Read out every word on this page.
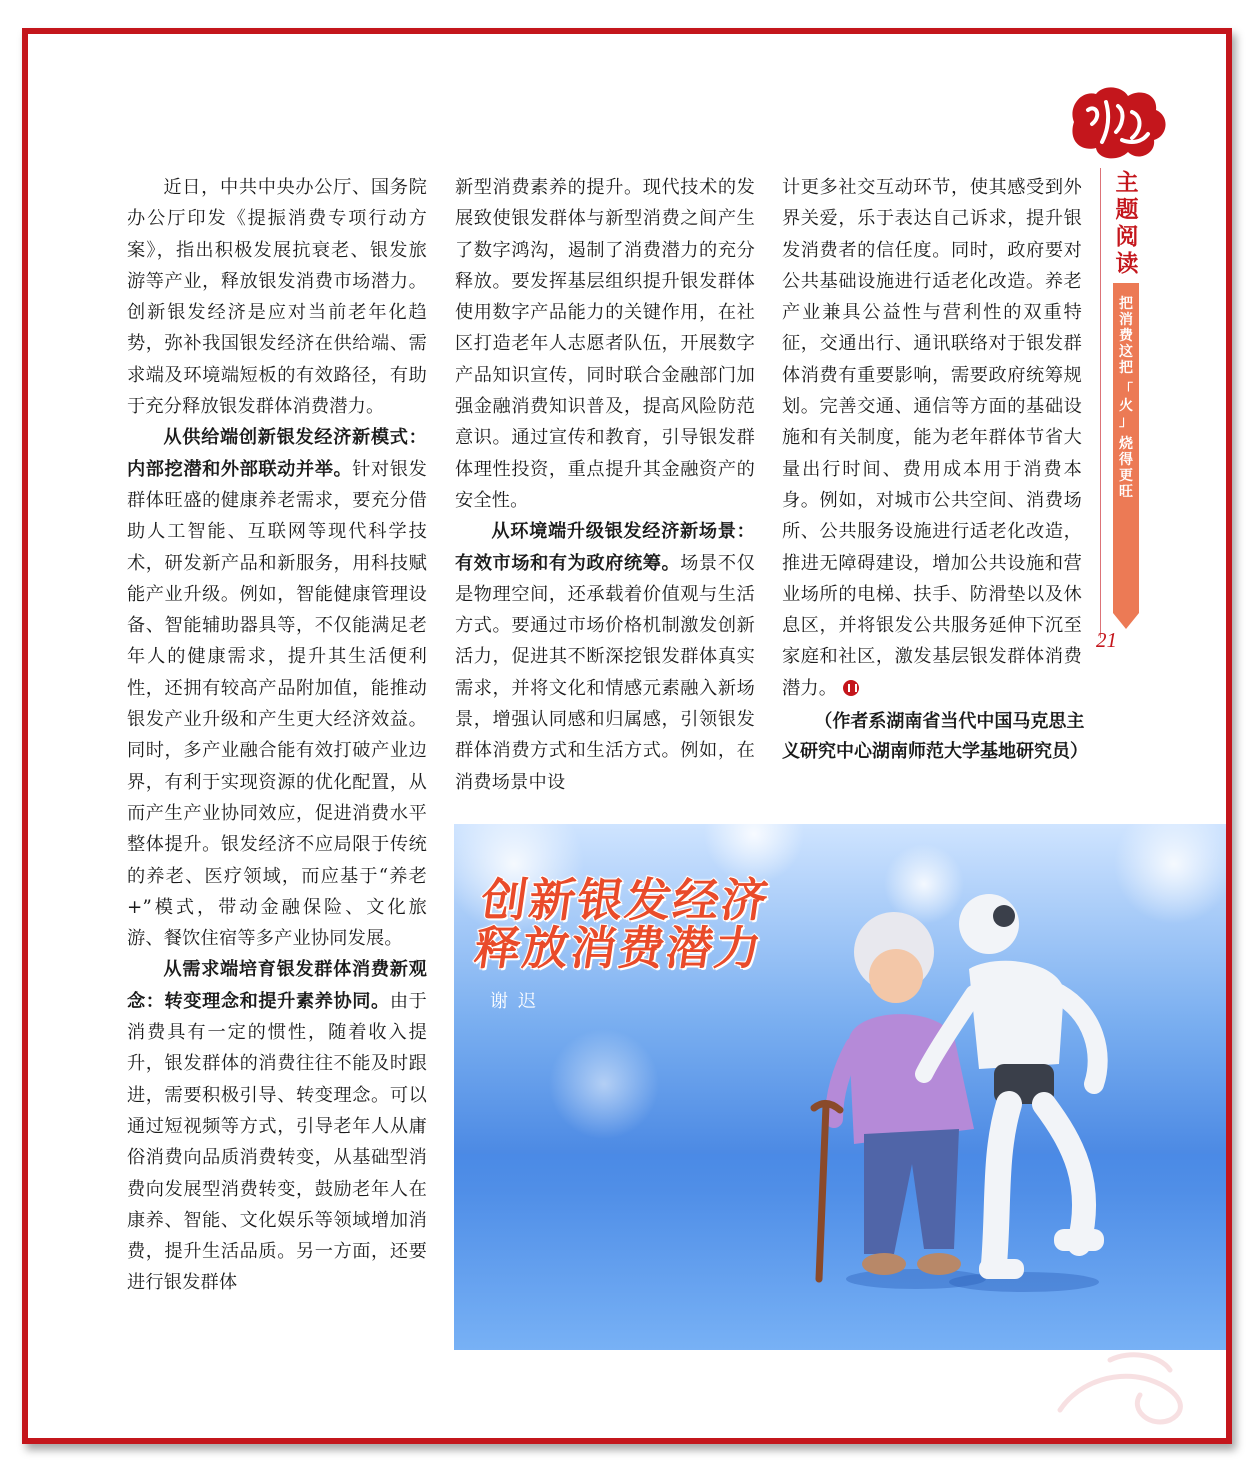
主题阅读
把
消
费
这
把
「
火
」
烧
得
更
旺
21

近日，中共中央办公厅、国务院办公厅印发《提振消费专项行动方案》，指出积极发展抗衰老、银发旅游等产业，释放银发消费市场潜力。创新银发经济是应对当前老年化趋势，弥补我国银发经济在供给端、需求端及环境端短板的有效路径，有助于充分释放银发群体消费潜力。

从供给端创新银发经济新模式：内部挖潜和外部联动并举。针对银发群体旺盛的健康养老需求，要充分借助人工智能、互联网等现代科学技术，研发新产品和新服务，用科技赋能产业升级。例如，智能健康管理设备、智能辅助器具等，不仅能满足老年人的健康需求，提升其生活便利性，还拥有较高产品附加值，能推动银发产业升级和产生更大经济效益。同时，多产业融合能有效打破产业边界，有利于实现资源的优化配置，从而产生产业协同效应，促进消费水平整体提升。银发经济不应局限于传统的养老、医疗领域，而应基于“养老+”模式，带动金融保险、文化旅游、餐饮住宿等多产业协同发展。

从需求端培育银发群体消费新观念：转变理念和提升素养协同。由于消费具有一定的惯性，随着收入提升，银发群体的消费往往不能及时跟进，需要积极引导、转变理念。可以通过短视频等方式，引导老年人从庸俗消费向品质消费转变，从基础型消费向发展型消费转变，鼓励老年人在康养、智能、文化娱乐等领域增加消费，提升生活品质。另一方面，还要进行银发群体

新型消费素养的提升。现代技术的发展致使银发群体与新型消费之间产生了数字鸿沟，遏制了消费潜力的充分释放。要发挥基层组织提升银发群体使用数字产品能力的关键作用，在社区打造老年人志愿者队伍，开展数字产品知识宣传，同时联合金融部门加强金融消费知识普及，提高风险防范意识。通过宣传和教育，引导银发群体理性投资，重点提升其金融资产的安全性。

从环境端升级银发经济新场景：有效市场和有为政府统筹。场景不仅是物理空间，还承载着价值观与生活方式。要通过市场价格机制激发创新活力，促进其不断深挖银发群体真实需求，并将文化和情感元素融入新场景，增强认同感和归属感，引领银发群体消费方式和生活方式。例如，在消费场景中设

计更多社交互动环节，使其感受到外界关爱，乐于表达自己诉求，提升银发消费者的信任度。同时，政府要对公共基础设施进行适老化改造。养老产业兼具公益性与营利性的双重特征，交通出行、通讯联络对于银发群体消费有重要影响，需要政府统筹规划。完善交通、通信等方面的基础设施和有关制度，能为老年群体节省大量出行时间、费用成本用于消费本身。例如，对城市公共空间、消费场所、公共服务设施进行适老化改造，推进无障碍建设，增加公共设施和营业场所的电梯、扶手、防滑垫以及休息区，并将银发公共服务延伸下沉至家庭和社区，激发基层银发群体消费潜力。

（作者系湖南省当代中国马克思主义研究中心湖南师范大学基地研究员）
创新银发经济
释放消费潜力
谢迟
